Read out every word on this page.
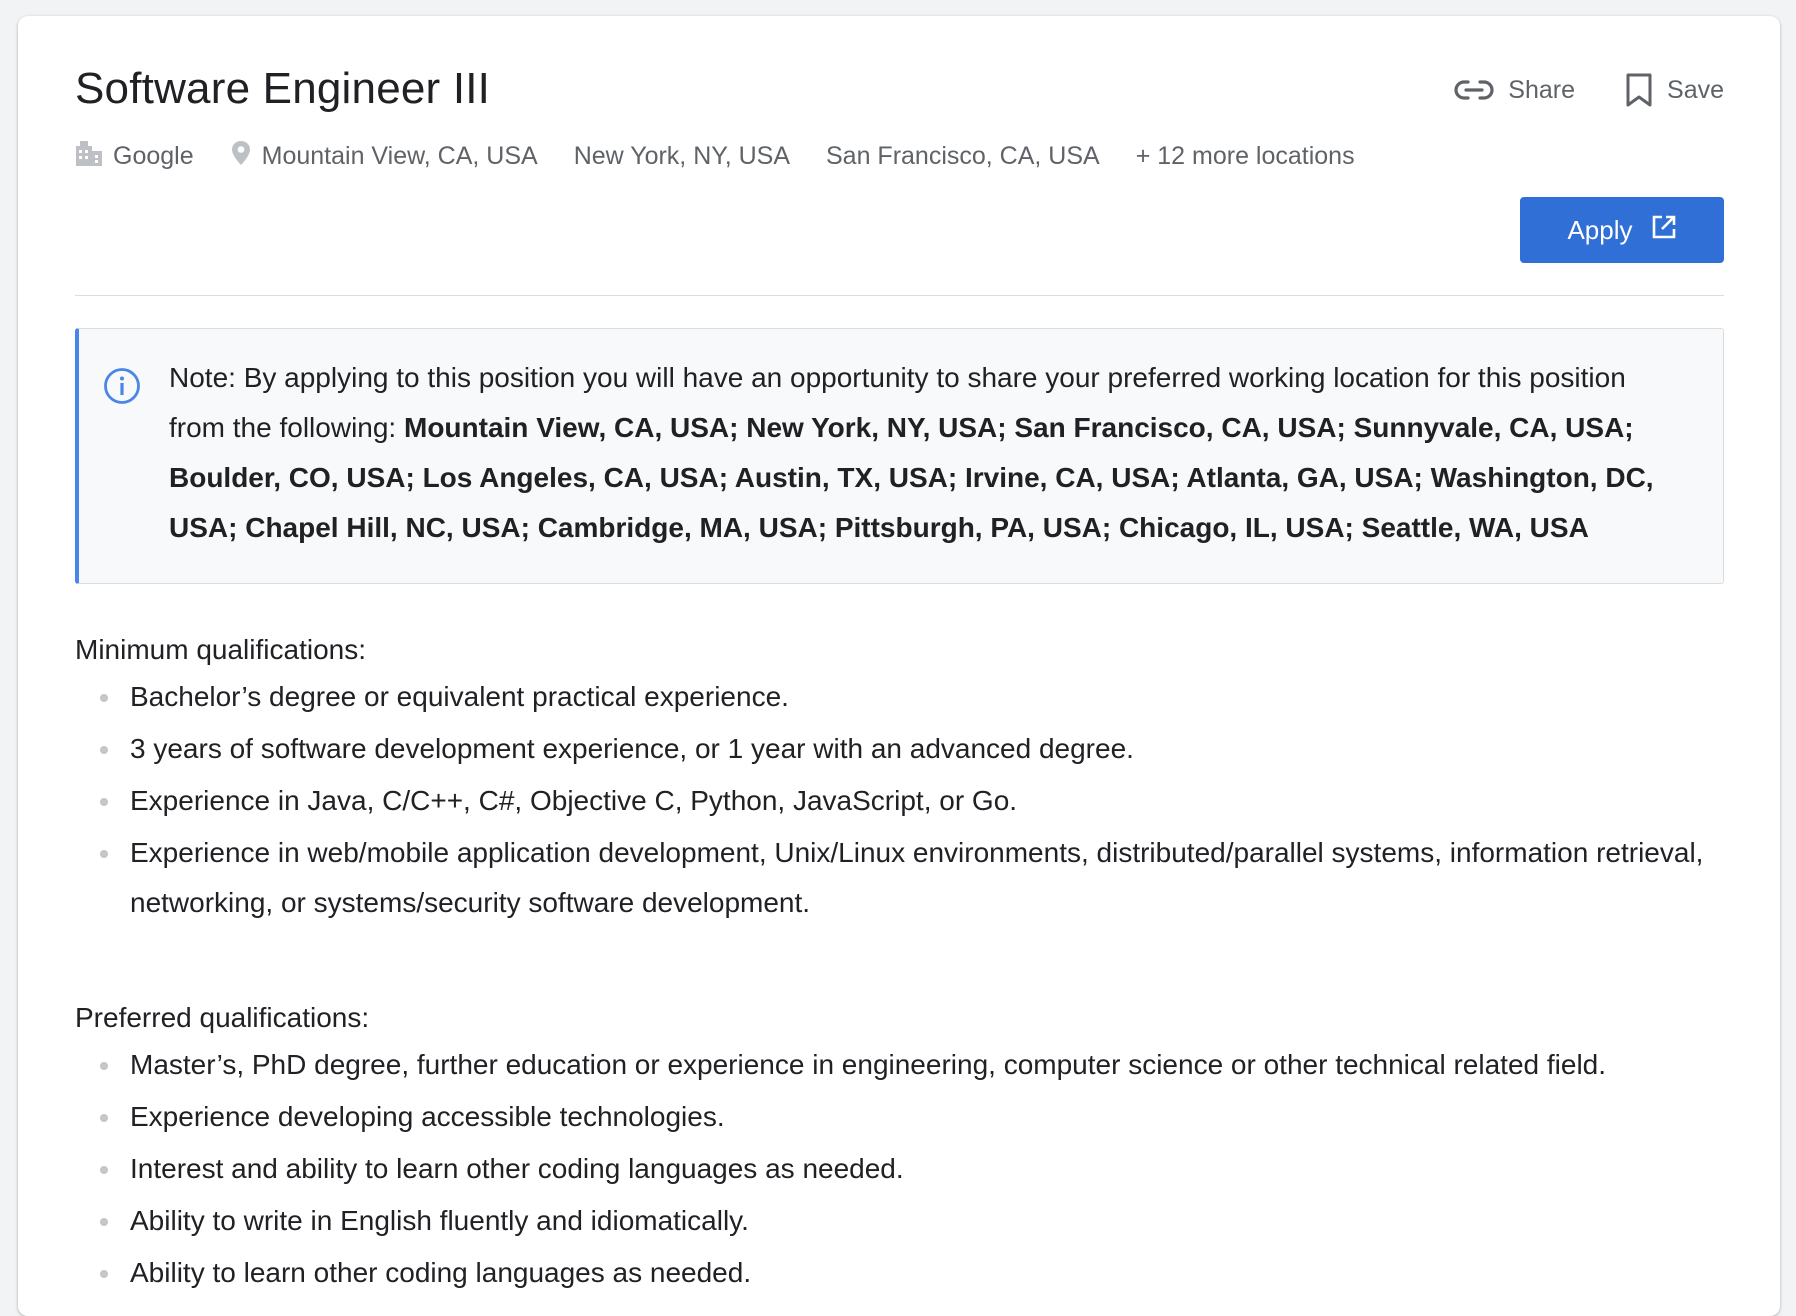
Software Engineer III	Share	Save
Google	Mountain View, CA, USA New York, NY, USA San Francisco, CA, USA + 12 more locations
Apply
Note: By applying to this position you will have an opportunity to share your preferred working location for this position from the following: Mountain View, CA, USA; New York, NY, USA; San Francisco, CA, USA; Sunnyvale, CA, USA; Boulder, CO, USA; Los Angeles, CA, USA; Austin, TX, USA; Irvine, CA, USA; Atlanta, GA, USA; Washington, DC, USA; Chapel Hill, NC, USA; Cambridge, MA, USA; Pittsburgh, PA, USA; Chicago, IL, USA; Seattle, WA, USA
Minimum qualifications:
Bachelor’s degree or equivalent practical experience.
3 years of software development experience, or 1 year with an advanced degree.
Experience in Java, C/C++, C#, Objective C, Python, JavaScript, or Go.
Experience in web/mobile application development, Unix/Linux environments, distributed/parallel systems, information retrieval, networking, or systems/security software development.
Preferred qualifications:
Master’s, PhD degree, further education or experience in engineering, computer science or other technical related field.
Experience developing accessible technologies.
Interest and ability to learn other coding languages as needed.
Ability to write in English fluently and idiomatically.
Ability to learn other coding languages as needed.
